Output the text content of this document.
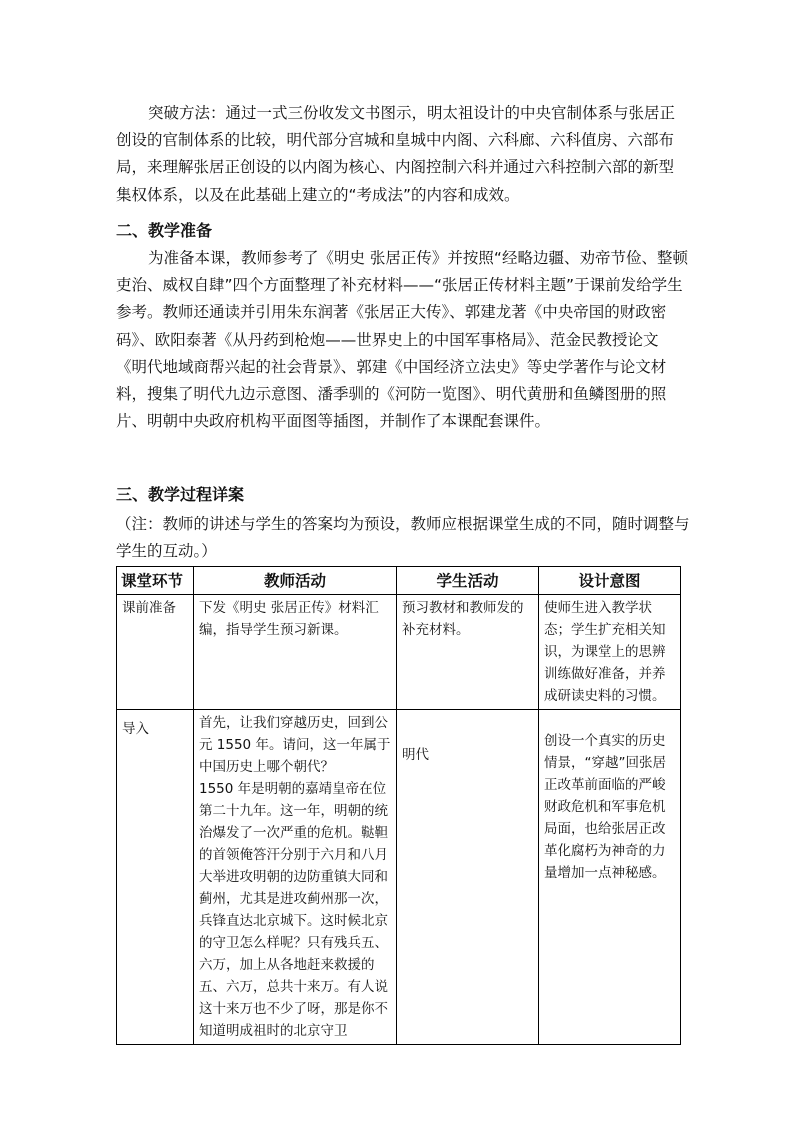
突破方法：通过一式三份收发文书图示，明太祖设计的中央官制体系与张居正创设的官制体系的比较，明代部分宫城和皇城中内阁、六科廊、六科值房、六部布局，来理解张居正创设的以内阁为核心、内阁控制六科并通过六科控制六部的新型集权体系，以及在此基础上建立的“考成法”的内容和成效。

二、教学准备

为准备本课，教师参考了《明史 张居正传》并按照“经略边疆、劝帝节俭、整顿吏治、威权自肆”四个方面整理了补充材料——“张居正传材料主题”于课前发给学生参考。教师还通读并引用朱东润著《张居正大传》、郭建龙著《中央帝国的财政密码》、欧阳泰著《从丹药到枪炮——世界史上的中国军事格局》、范金民教授论文《明代地域商帮兴起的社会背景》、郭建《中国经济立法史》等史学著作与论文材料，搜集了明代九边示意图、潘季驯的《河防一览图》、明代黄册和鱼鳞图册的照片、明朝中央政府机构平面图等插图，并制作了本课配套课件。

三、教学过程详案

（注：教师的讲述与学生的答案均为预设，教师应根据课堂生成的不同，随时调整与学生的互动。）

课堂环节	教师活动	学生活动	设计意图
课前准备	下发《明史 张居正传》材料汇编，指导学生预习新课。	预习教材和教师发的补充材料。	使师生进入教学状态；学生扩充相关知识，为课堂上的思辨训练做好准备，并养成研读史料的习惯。
导入	首先，让我们穿越历史，回到公元 1550 年。请问，这一年属于中国历史上哪个朝代？
1550 年是明朝的嘉靖皇帝在位第二十九年。这一年，明朝的统治爆发了一次严重的危机。鞑靼的首领俺答汗分别于六月和八月大举进攻明朝的边防重镇大同和蓟州，尤其是进攻蓟州那一次，兵锋直达北京城下。这时候北京的守卫怎么样呢？只有残兵五、六万，加上从各地赶来救援的五、六万，总共十来万。有人说这十来万也不少了呀，那是你不知道明成祖时的北京守卫	明代	创设一个真实的历史情景，“穿越”回张居正改革前面临的严峻财政危机和军事危机局面，也给张居正改革化腐朽为神奇的力量增加一点神秘感。
